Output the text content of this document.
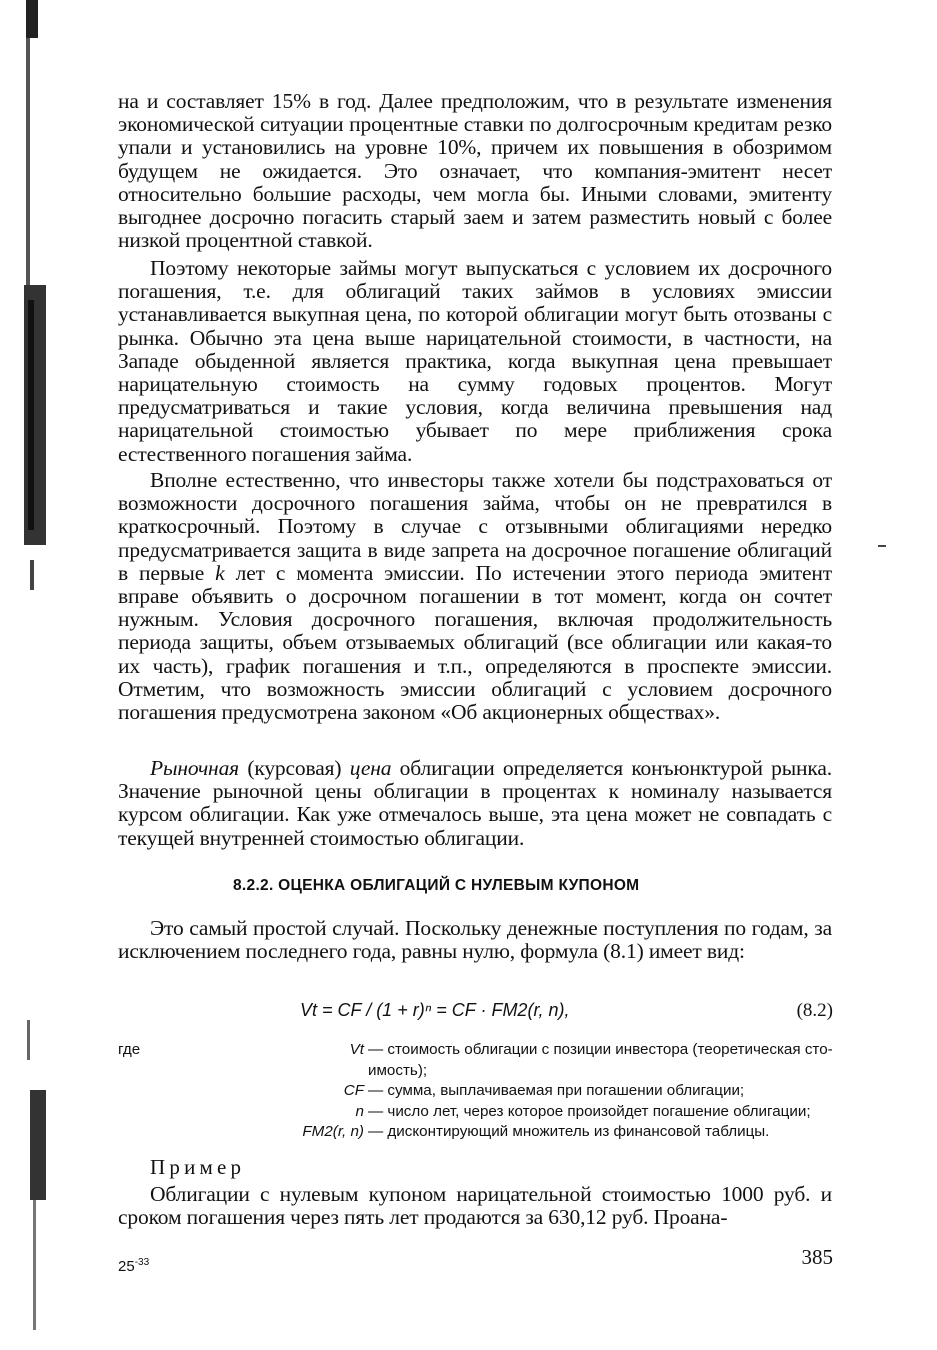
на и составляет 15% в год. Далее предположим, что в результате изменения экономической ситуации процентные ставки по долгосрочным кредитам резко упали и установились на уровне 10%, причем их повышения в обозримом будущем не ожидается. Это означает, что компания-эмитент несет относительно большие расходы, чем могла бы. Иными словами, эмитенту выгоднее досрочно погасить старый заем и затем разместить новый с более низкой процентной ставкой.

Поэтому некоторые займы могут выпускаться с условием их досрочного погашения, т.е. для облигаций таких займов в условиях эмиссии устанавливается выкупная цена, по которой облигации могут быть отозваны с рынка. Обычно эта цена выше нарицательной стоимости, в частности, на Западе обыденной является практика, когда выкупная цена превышает нарицательную стоимость на сумму годовых процентов. Могут предусматриваться и такие условия, когда величина превышения над нарицательной стоимостью убывает по мере приближения срока естественного погашения займа.

Вполне естественно, что инвесторы также хотели бы подстраховаться от возможности досрочного погашения займа, чтобы он не превратился в краткосрочный. Поэтому в случае с отзывными облигациями нередко предусматривается защита в виде запрета на досрочное погашение облигаций в первые k лет с момента эмиссии. По истечении этого периода эмитент вправе объявить о досрочном погашении в тот момент, когда он сочтет нужным. Условия досрочного погашения, включая продолжительность периода защиты, объем отзываемых облигаций (все облигации или какая-то их часть), график погашения и т.п., определяются в проспекте эмиссии. Отметим, что возможность эмиссии облигаций с условием досрочного погашения предусмотрена законом «Об акционерных обществах».

Рыночная (курсовая) цена облигации определяется конъюнктурой рынка. Значение рыночной цены облигации в процентах к номиналу называется курсом облигации. Как уже отмечалось выше, эта цена может не совпадать с текущей внутренней стоимостью облигации.

8.2.2. ОЦЕНКА ОБЛИГАЦИЙ С НУЛЕВЫМ КУПОНОМ

Это самый простой случай. Поскольку денежные поступления по годам, за исключением последнего года, равны нулю, формула (8.1) имеет вид:

Vt = CF / (1 + r)ⁿ = CF · FM2(r, n),	(8.2)
где	Vt — стоимость облигации с позиции инвестора (теоретическая сто-
имость);
CF — сумма, выплачиваемая при погашении облигации;
n — число лет, через которое произойдет погашение облигации;
FM2(r, n) — дисконтирующий множитель из финансовой таблицы.
Пример

Облигации с нулевым купоном нарицательной стоимостью 1000 руб. и сроком погашения через пять лет продаются за 630,12 руб. Проана-

$25^{-33}$	385
